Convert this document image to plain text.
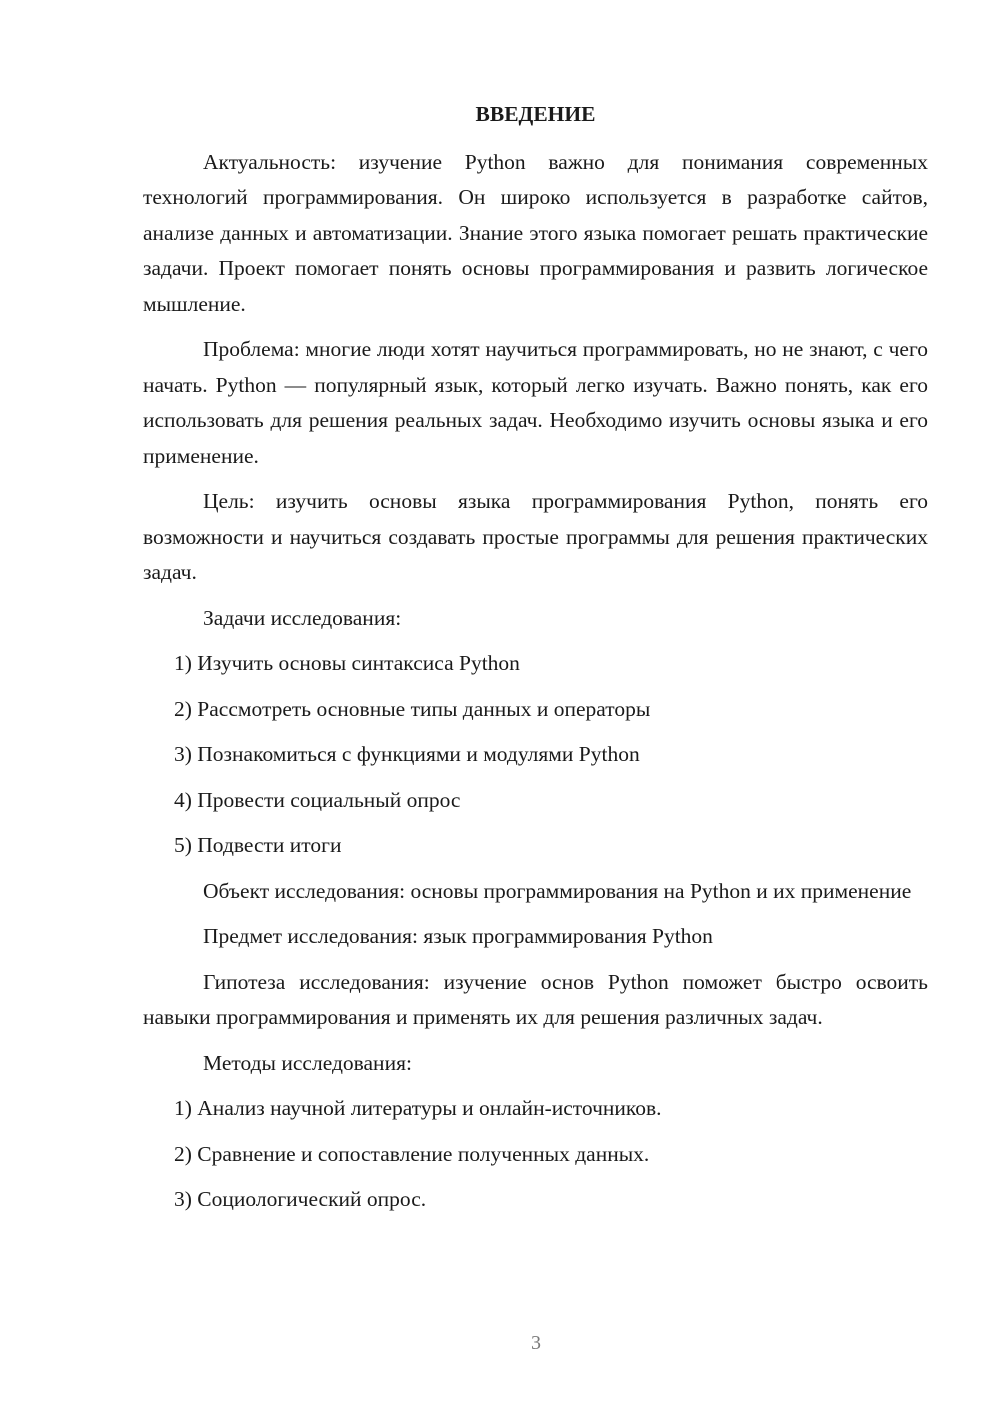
ВВЕДЕНИЕ

Актуальность: изучение Python важно для понимания современных технологий программирования. Он широко используется в разработке сайтов, анализе данных и автоматизации. Знание этого языка помогает решать практические задачи. Проект помогает понять основы программирования и развить логическое мышление.

Проблема: многие люди хотят научиться программировать, но не знают, с чего начать. Python — популярный язык, который легко изучать. Важно понять, как его использовать для решения реальных задач. Необходимо изучить основы языка и его применение.

Цель: изучить основы языка программирования Python, понять его возможности и научиться создавать простые программы для решения практических задач.

Задачи исследования:

1) Изучить основы синтаксиса Python
2) Рассмотреть основные типы данных и операторы
3) Познакомиться с функциями и модулями Python
4) Провести социальный опрос
5) Подвести итоги

Объект исследования: основы программирования на Python и их применение

Предмет исследования: язык программирования Python

Гипотеза исследования: изучение основ Python поможет быстро освоить навыки программирования и применять их для решения различных задач.

Методы исследования:

1) Анализ научной литературы и онлайн-источников.
2) Сравнение и сопоставление полученных данных.
3) Социологический опрос.
3
